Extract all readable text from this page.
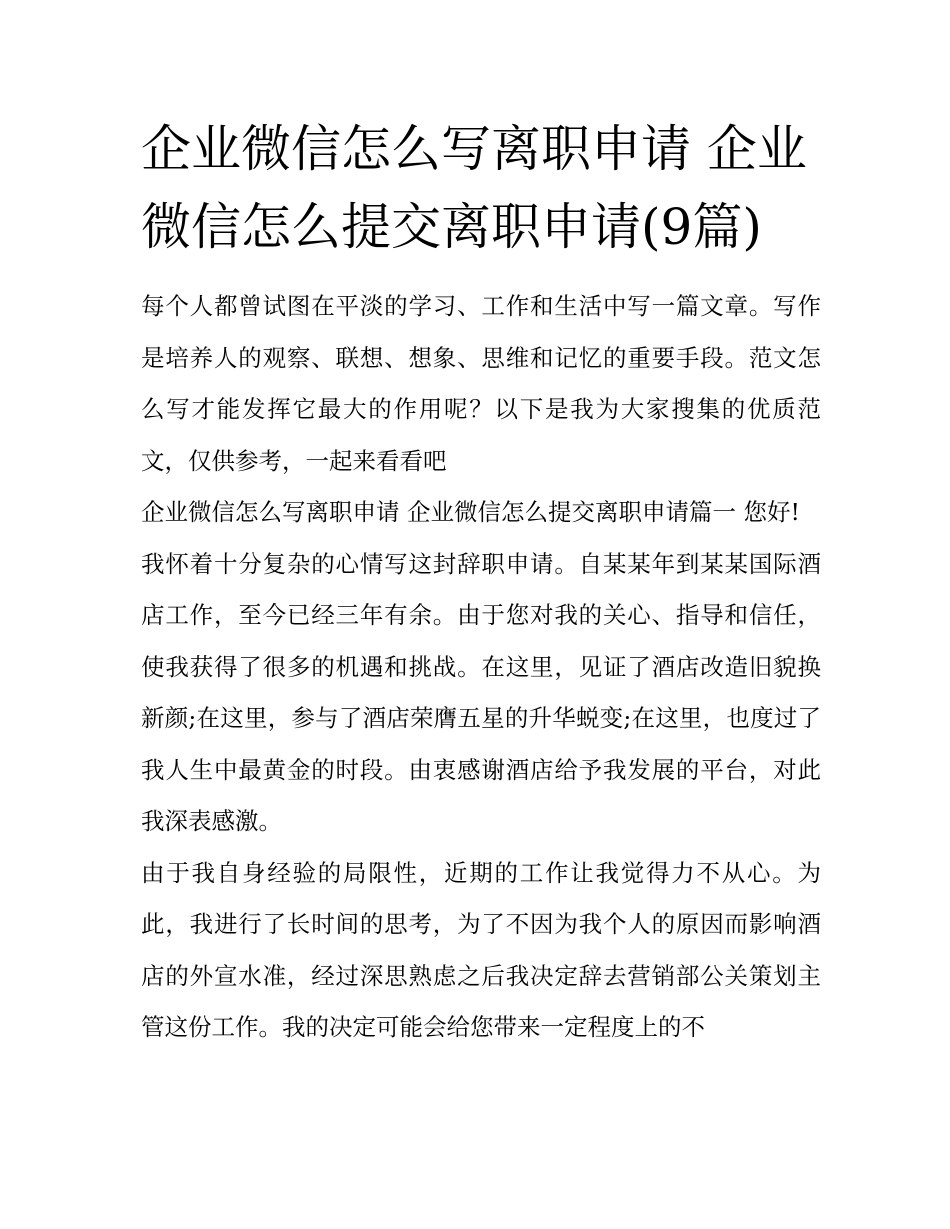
企业微信怎么写离职申请 企业微信怎么提交离职申请(9篇)

每个人都曾试图在平淡的学习、工作和生活中写一篇文章。写作是培养人的观察、联想、想象、思维和记忆的重要手段。范文怎么写才能发挥它最大的作用呢？以下是我为大家搜集的优质范文，仅供参考，一起来看看吧

企业微信怎么写离职申请 企业微信怎么提交离职申请篇一 您好!

我怀着十分复杂的心情写这封辞职申请。自某某年到某某国际酒店工作，至今已经三年有余。由于您对我的关心、指导和信任，使我获得了很多的机遇和挑战。在这里，见证了酒店改造旧貌换新颜;在这里，参与了酒店荣膺五星的升华蜕变;在这里，也度过了我人生中最黄金的时段。由衷感谢酒店给予我发展的平台，对此我深表感激。

由于我自身经验的局限性，近期的工作让我觉得力不从心。为此，我进行了长时间的思考，为了不因为我个人的原因而影响酒店的外宣水准，经过深思熟虑之后我决定辞去营销部公关策划主管这份工作。我的决定可能会给您带来一定程度上的不
